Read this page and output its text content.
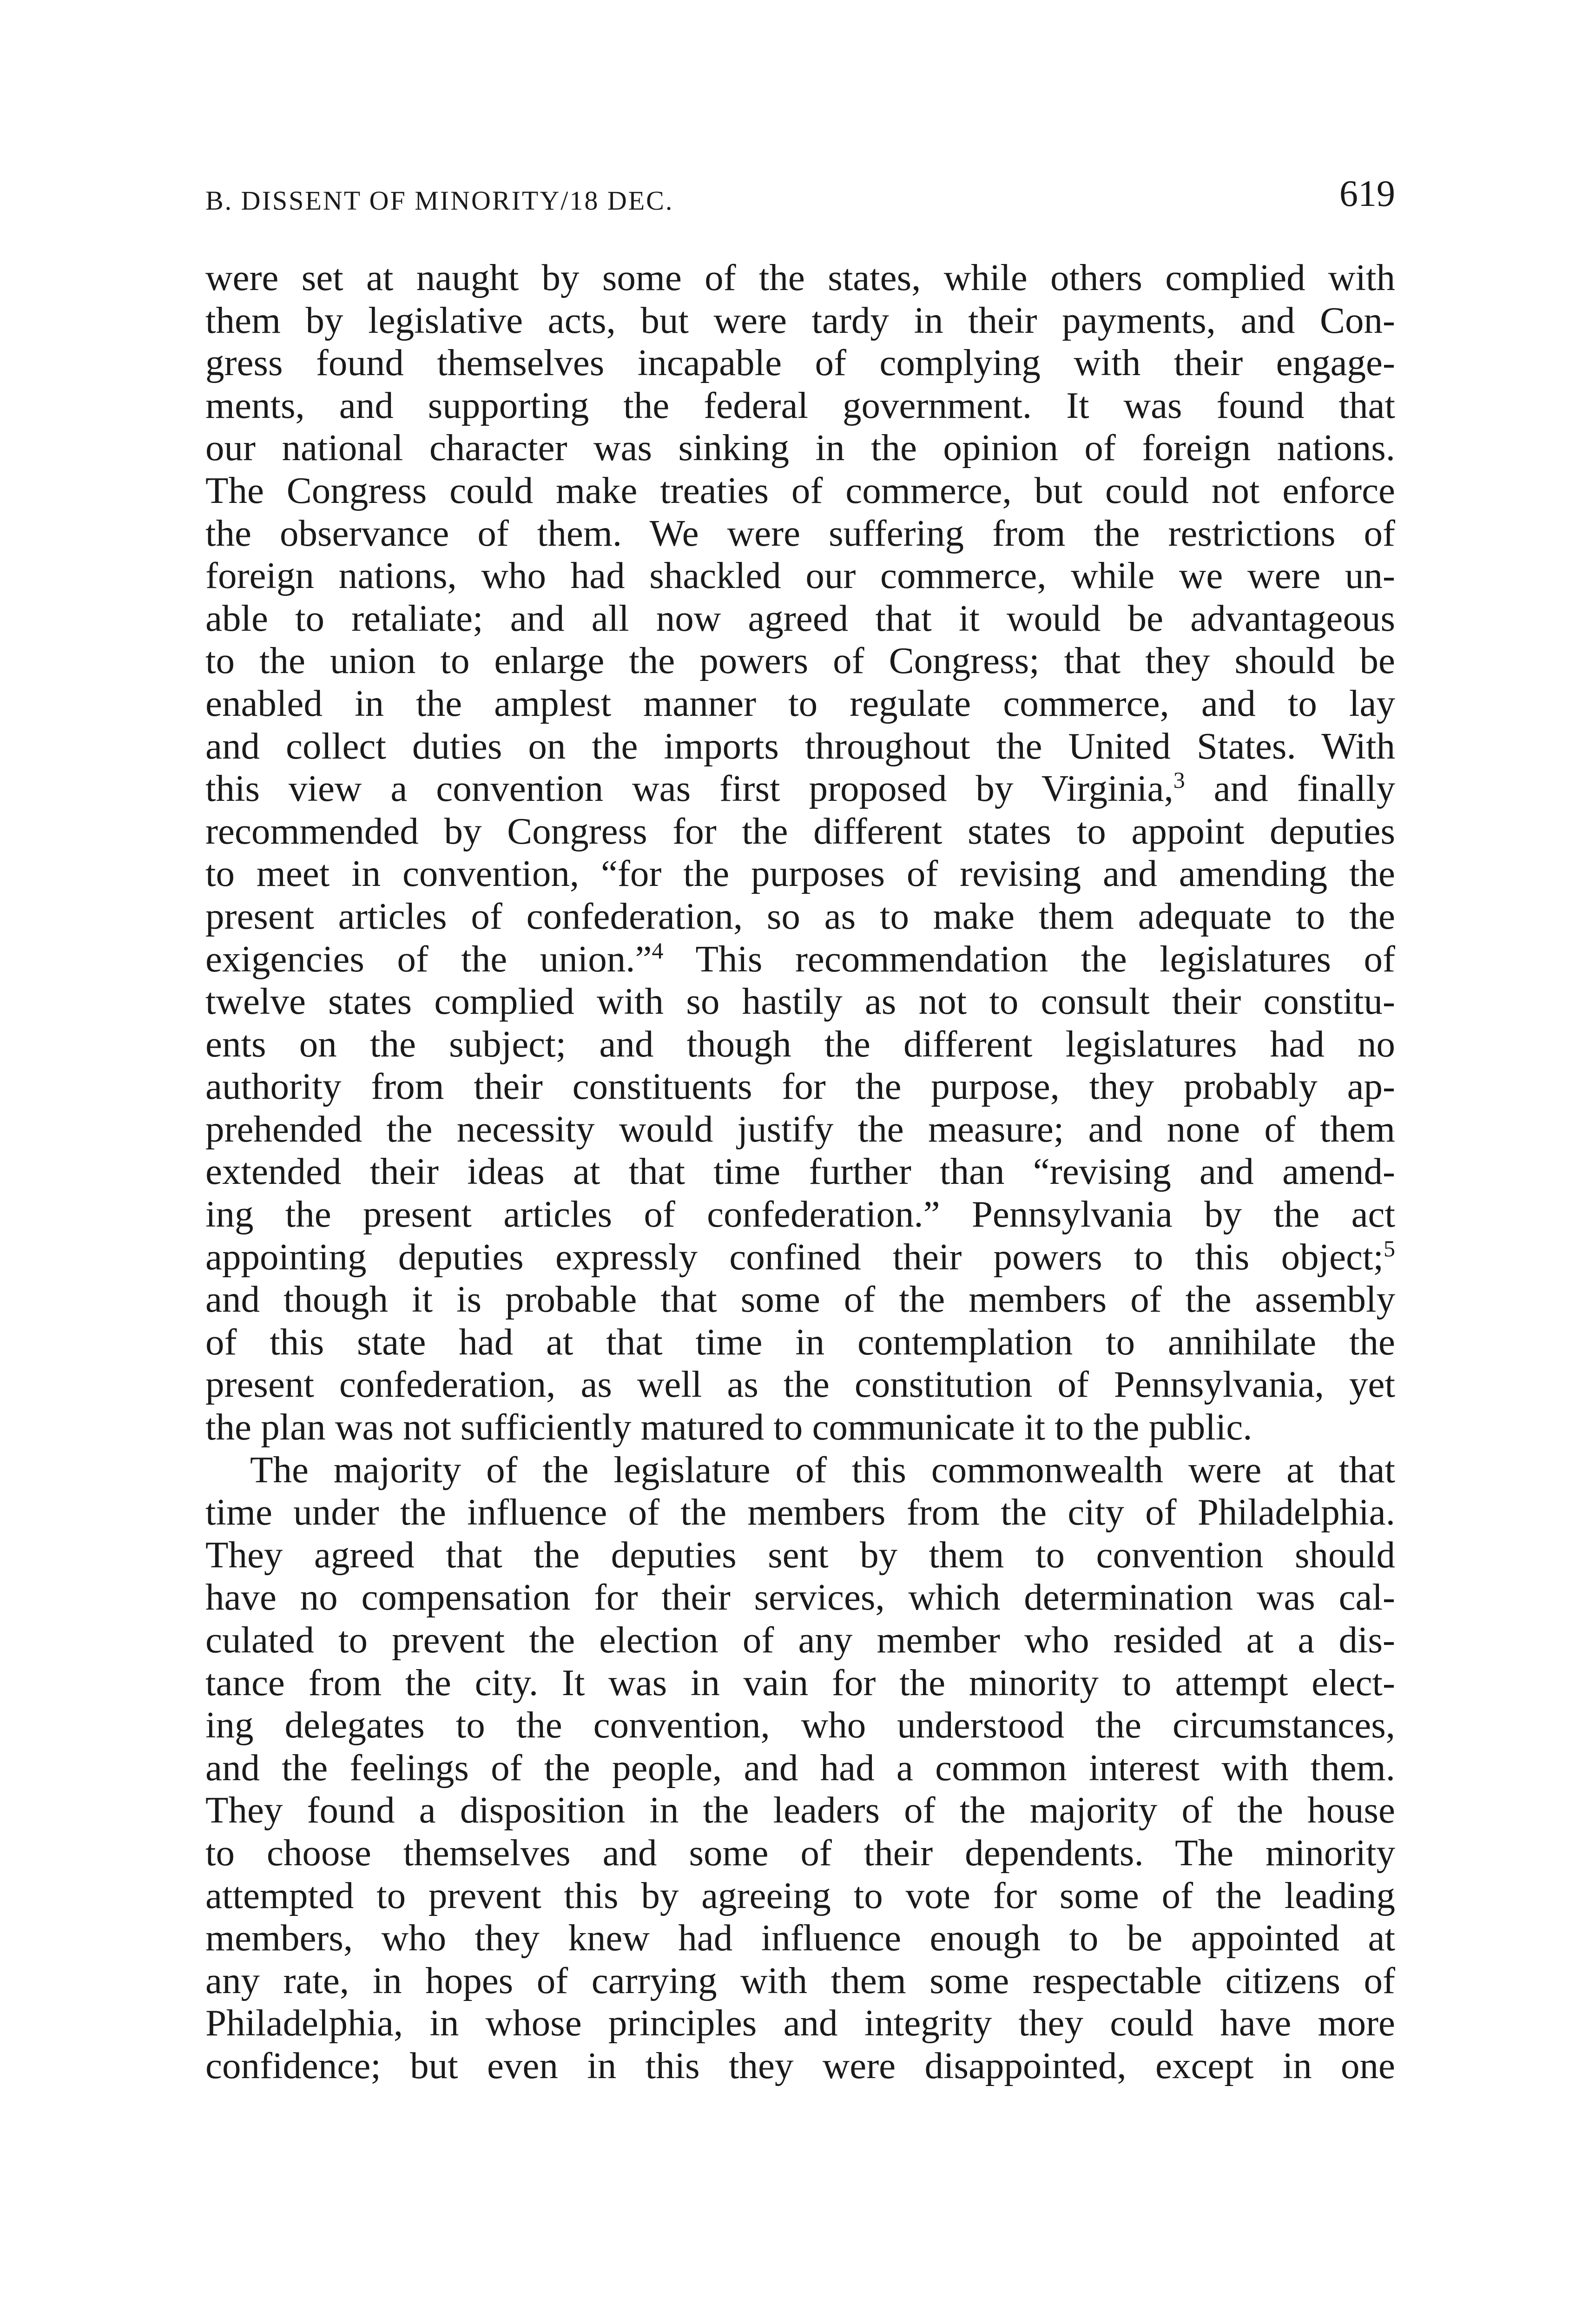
B. DISSENT OF MINORITY/18 DEC.	619
were set at naught by some of the states, while others complied with
them by legislative acts, but were tardy in their payments, and Con-
gress found themselves incapable of complying with their engage-
ments, and supporting the federal government. It was found that
our national character was sinking in the opinion of foreign nations.
The Congress could make treaties of commerce, but could not enforce
the observance of them. We were suffering from the restrictions of
foreign nations, who had shackled our commerce, while we were un-
able to retaliate; and all now agreed that it would be advantageous
to the union to enlarge the powers of Congress; that they should be
enabled in the amplest manner to regulate commerce, and to lay
and collect duties on the imports throughout the United States. With
this view a convention was first proposed by Virginia,$^3$ and finally
recommended by Congress for the different states to appoint deputies
to meet in convention, “for the purposes of revising and amending the
present articles of confederation, so as to make them adequate to the
exigencies of the union.”$^4$ This recommendation the legislatures of
twelve states complied with so hastily as not to consult their constitu-
ents on the subject; and though the different legislatures had no
authority from their constituents for the purpose, they probably ap-
prehended the necessity would justify the measure; and none of them
extended their ideas at that time further than “revising and amend-
ing the present articles of confederation.” Pennsylvania by the act
appointing deputies expressly confined their powers to this object;$^5$
and though it is probable that some of the members of the assembly
of this state had at that time in contemplation to annihilate the
present confederation, as well as the constitution of Pennsylvania, yet
the plan was not sufficiently matured to communicate it to the public.
The majority of the legislature of this commonwealth were at that
time under the influence of the members from the city of Philadelphia.
They agreed that the deputies sent by them to convention should
have no compensation for their services, which determination was cal-
culated to prevent the election of any member who resided at a dis-
tance from the city. It was in vain for the minority to attempt elect-
ing delegates to the convention, who understood the circumstances,
and the feelings of the people, and had a common interest with them.
They found a disposition in the leaders of the majority of the house
to choose themselves and some of their dependents. The minority
attempted to prevent this by agreeing to vote for some of the leading
members, who they knew had influence enough to be appointed at
any rate, in hopes of carrying with them some respectable citizens of
Philadelphia, in whose principles and integrity they could have more
confidence; but even in this they were disappointed, except in one
